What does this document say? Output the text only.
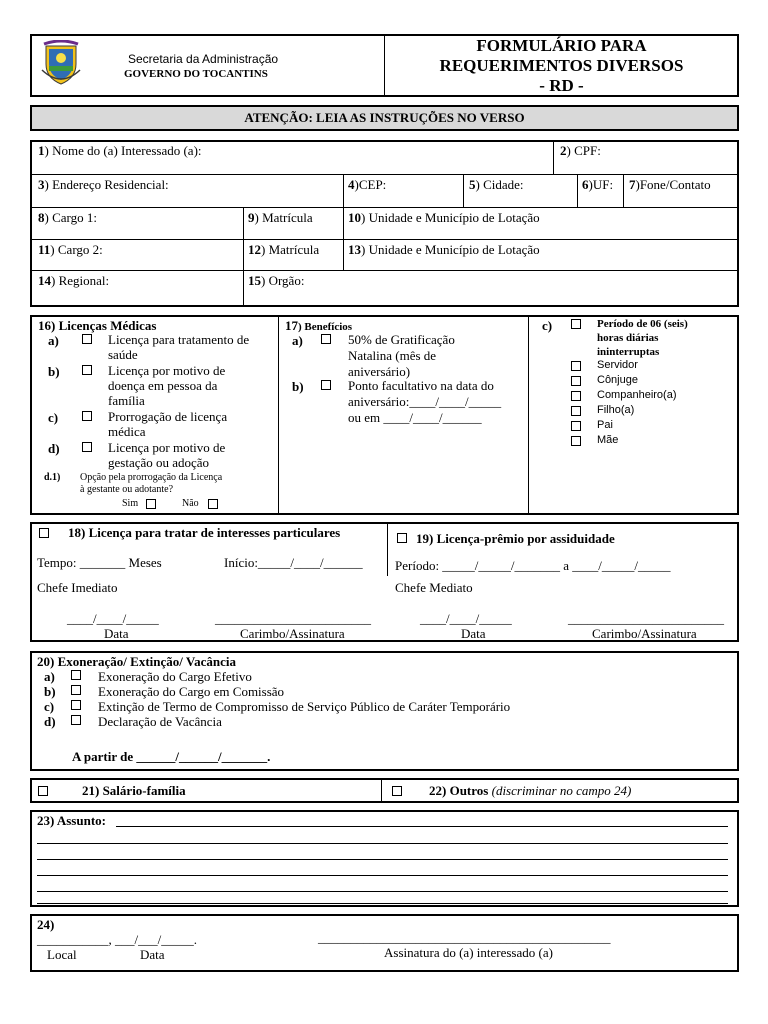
Secretaria da Administração
GOVERNO DO TOCANTINS
FORMULÁRIO PARA
REQUERIMENTOS DIVERSOS
- RD -
ATENÇÃO: LEIA AS INSTRUÇÕES NO VERSO
1) Nome do (a) Interessado (a):	2) CPF:
3) Endereço Residencial:	4)CEP:	5) Cidade:	6)UF: 7)Fone/Contato
8) Cargo 1:	9) Matrícula	10) Unidade e Município de Lotação
11) Cargo 2:	12) Matrícula 13) Unidade e Município de Lotação
14) Regional:	15) Orgão:
16) Licenças Médicas
a)	Licença para tratamento de
saúde
b)	Licença por motivo de
doença em pessoa da
família
c)	Prorrogação de licença
médica
d)	Licença por motivo de
gestação ou adoção
d.1) Opção pela prorrogação da Licença
à gestante ou adotante?
Sim	Não
17) Benefícios
a)	50% de Gratificação
Natalina (mês de
aniversário)
b)	Ponto facultativo na data do
aniversário:____/____/_____
ou em ____/____/______
c)	Período de 06 (seis)
horas diárias
ininterruptas
Servidor
Cônjuge
Companheiro(a)
Filho(a)
Pai
Mãe
18) Licença para tratar de interesses particulares
Tempo: _______ Meses	Início:_____/____/______
Chefe Imediato
____/____/_____	________________________
Data	Carimbo/Assinatura
19) Licença-prêmio por assiduidade
Período: _____/_____/_______ a ____/_____/_____
Chefe Mediato
____/____/_____	________________________
Data	Carimbo/Assinatura
20) Exoneração/ Extinção/ Vacância
a)	Exoneração do Cargo Efetivo
b)	Exoneração do Cargo em Comissão
c)	Extinção de Termo de Compromisso de Serviço Público de Caráter Temporário
d)	Declaração de Vacância
A partir de ______/______/_______.
21) Salário-família	22) Outros (discriminar no campo 24)
23) Assunto:
24)
___________, ___/___/_____.	_____________________________________________
Local	Data	Assinatura do (a) interessado (a)
